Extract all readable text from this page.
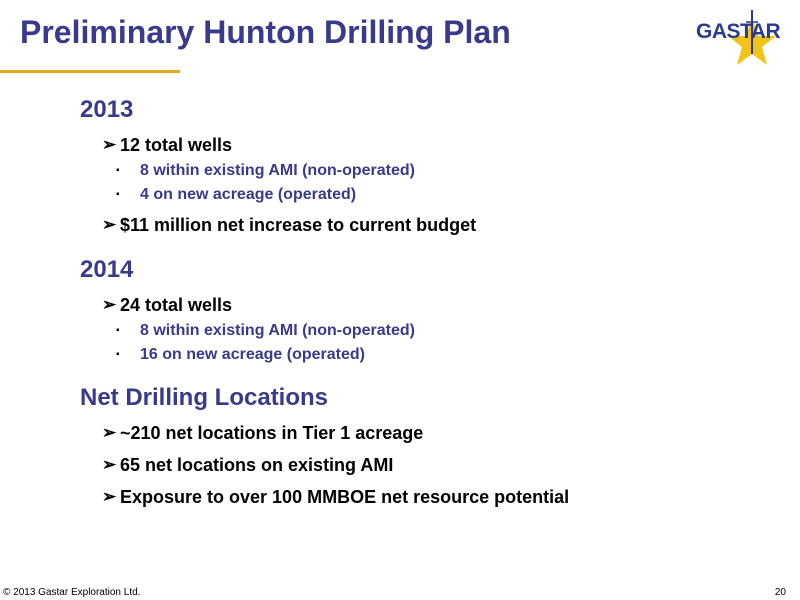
Preliminary Hunton Drilling Plan	GASTAR
2013
➢ 12 total wells
▪	8 within existing AMI (non-operated)
▪	4 on new acreage (operated)
➢ $11 million net increase to current budget
2014
➢ 24 total wells
▪	8 within existing AMI (non-operated)
▪	16 on new acreage (operated)
Net Drilling Locations
➢ ~210 net locations in Tier 1 acreage
➢ 65 net locations on existing AMI
➢ Exposure to over 100 MMBOE net resource potential
© 2013 Gastar Exploration Ltd.	20
